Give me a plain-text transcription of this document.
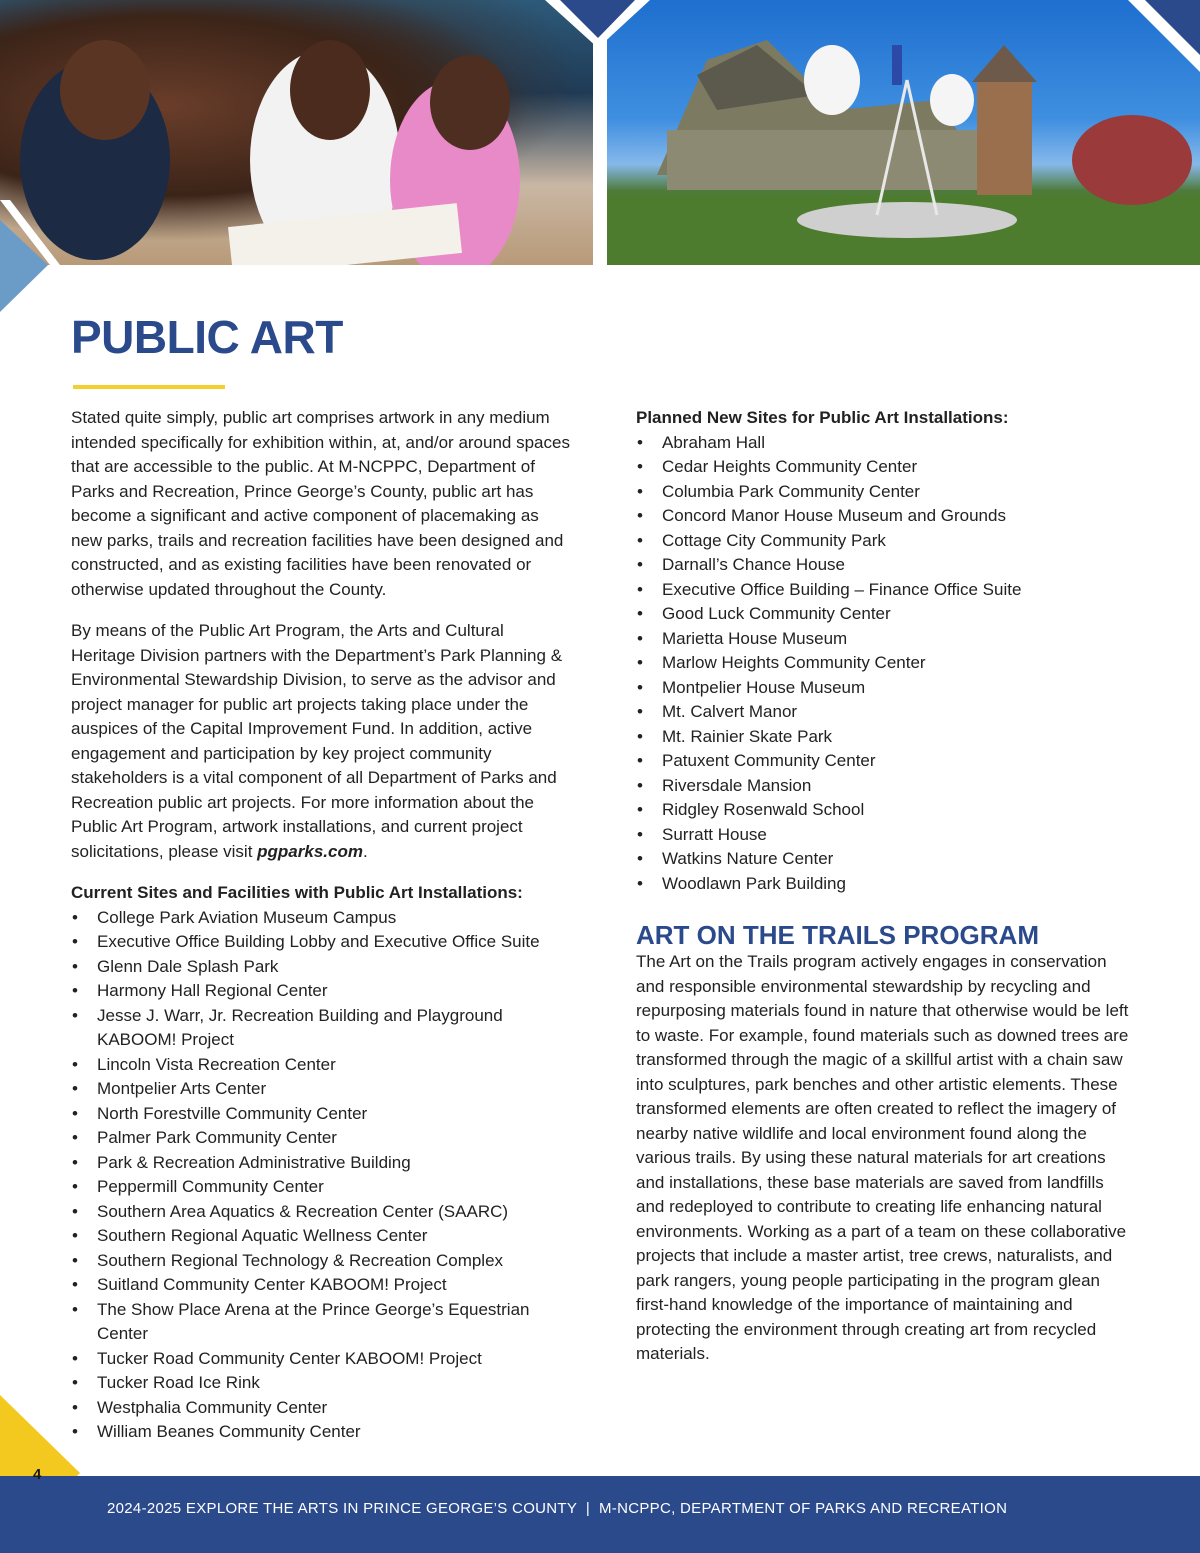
PUBLIC ART

Stated quite simply, public art comprises artwork in any medium intended specifically for exhibition within, at, and/or around spaces that are accessible to the public. At M-NCPPC, Department of Parks and Recreation, Prince George’s County, public art has become a significant and active component of placemaking as new parks, trails and recreation facilities have been designed and constructed, and as existing facilities have been renovated or otherwise updated throughout the County.

By means of the Public Art Program, the Arts and Cultural Heritage Division partners with the Department’s Park Planning & Environmental Stewardship Division, to serve as the advisor and project manager for public art projects taking place under the auspices of the Capital Improvement Fund. In addition, active engagement and participation by key project community stakeholders is a vital component of all Department of Parks and Recreation public art projects. For more information about the Public Art Program, artwork installations, and current project solicitations, please visit pgparks.com.

Current Sites and Facilities with Public Art Installations:
• College Park Aviation Museum Campus
• Executive Office Building Lobby and Executive Office Suite
• Glenn Dale Splash Park
• Harmony Hall Regional Center
• Jesse J. Warr, Jr. Recreation Building and Playground KABOOM! Project
• Lincoln Vista Recreation Center
• Montpelier Arts Center
• North Forestville Community Center
• Palmer Park Community Center
• Park & Recreation Administrative Building
• Peppermill Community Center
• Southern Area Aquatics & Recreation Center (SAARC)
• Southern Regional Aquatic Wellness Center
• Southern Regional Technology & Recreation Complex
• Suitland Community Center KABOOM! Project
• The Show Place Arena at the Prince George’s Equestrian Center
• Tucker Road Community Center KABOOM! Project
• Tucker Road Ice Rink
• Westphalia Community Center
• William Beanes Community Center
Planned New Sites for Public Art Installations:
• Abraham Hall
• Cedar Heights Community Center
• Columbia Park Community Center
• Concord Manor House Museum and Grounds
• Cottage City Community Park
• Darnall’s Chance House
• Executive Office Building – Finance Office Suite
• Good Luck Community Center
• Marietta House Museum
• Marlow Heights Community Center
• Montpelier House Museum
• Mt. Calvert Manor
• Mt. Rainier Skate Park
• Patuxent Community Center
• Riversdale Mansion
• Ridgley Rosenwald School
• Surratt House
• Watkins Nature Center
• Woodlawn Park Building
ART ON THE TRAILS PROGRAM

The Art on the Trails program actively engages in conservation and responsible environmental stewardship by recycling and repurposing materials found in nature that otherwise would be left to waste. For example, found materials such as downed trees are transformed through the magic of a skillful artist with a chain saw into sculptures, park benches and other artistic elements. These transformed elements are often created to reflect the imagery of nearby native wildlife and local environment found along the various trails. By using these natural materials for art creations and installations, these base materials are saved from landfills and redeployed to contribute to creating life enhancing natural environments. Working as a part of a team on these collaborative projects that include a master artist, tree crews, naturalists, and park rangers, young people participating in the program glean first-hand knowledge of the importance of maintaining and protecting the environment through creating art from recycled materials.

2024-2025 EXPLORE THE ARTS IN PRINCE GEORGE’S COUNTY  |  M-NCPPC, DEPARTMENT OF PARKS AND RECREATION
4
